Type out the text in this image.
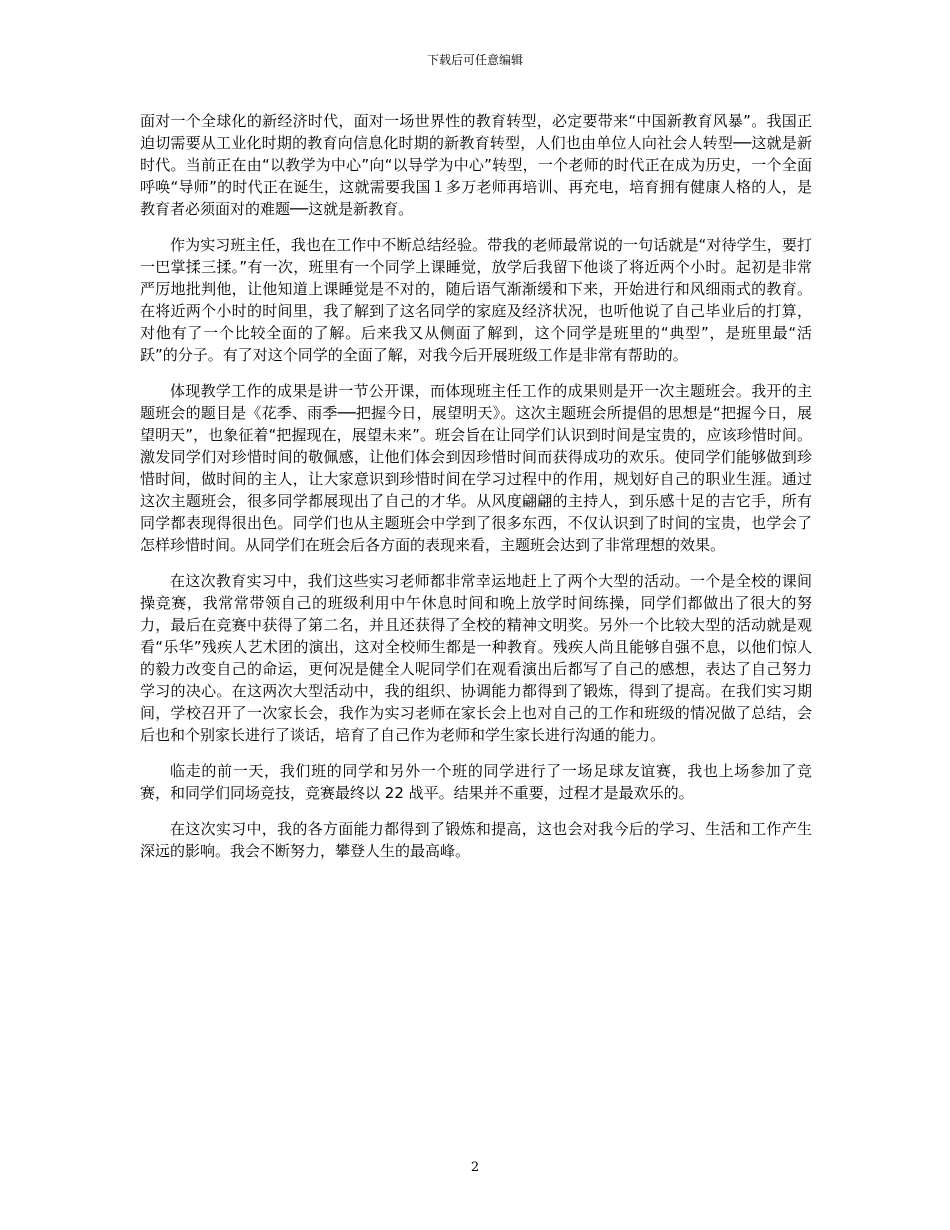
下载后可任意编辑

面对一个全球化的新经济时代，面对一场世界性的教育转型，必定要带来“中国新教育风暴”。我国正迫切需要从工业化时期的教育向信息化时期的新教育转型，人们也由单位人向社会人转型──这就是新时代。当前正在由“以教学为中心”向“以导学为中心”转型，一个老师的时代正在成为历史，一个全面呼唤“导师”的时代正在诞生，这就需要我国１多万老师再培训、再充电，培育拥有健康人格的人，是教育者必须面对的难题──这就是新教育。

作为实习班主任，我也在工作中不断总结经验。带我的老师最常说的一句话就是“对待学生，要打一巴掌揉三揉。”有一次，班里有一个同学上课睡觉，放学后我留下他谈了将近两个小时。起初是非常严厉地批判他，让他知道上课睡觉是不对的，随后语气渐渐缓和下来，开始进行和风细雨式的教育。在将近两个小时的时间里，我了解到了这名同学的家庭及经济状况，也听他说了自己毕业后的打算，对他有了一个比较全面的了解。后来我又从侧面了解到，这个同学是班里的“典型”，是班里最“活跃”的分子。有了对这个同学的全面了解，对我今后开展班级工作是非常有帮助的。

体现教学工作的成果是讲一节公开课，而体现班主任工作的成果则是开一次主题班会。我开的主题班会的题目是《花季、雨季──把握今日，展望明天》。这次主题班会所提倡的思想是“把握今日，展望明天”，也象征着“把握现在，展望未来”。班会旨在让同学们认识到时间是宝贵的，应该珍惜时间。激发同学们对珍惜时间的敬佩感，让他们体会到因珍惜时间而获得成功的欢乐。使同学们能够做到珍惜时间，做时间的主人，让大家意识到珍惜时间在学习过程中的作用，规划好自己的职业生涯。通过这次主题班会，很多同学都展现出了自己的才华。从风度翩翩的主持人，到乐感十足的吉它手，所有同学都表现得很出色。同学们也从主题班会中学到了很多东西，不仅认识到了时间的宝贵，也学会了怎样珍惜时间。从同学们在班会后各方面的表现来看，主题班会达到了非常理想的效果。

在这次教育实习中，我们这些实习老师都非常幸运地赶上了两个大型的活动。一个是全校的课间操竞赛，我常常带领自己的班级利用中午休息时间和晚上放学时间练操，同学们都做出了很大的努力，最后在竞赛中获得了第二名，并且还获得了全校的精神文明奖。另外一个比较大型的活动就是观看“乐华”残疾人艺术团的演出，这对全校师生都是一种教育。残疾人尚且能够自强不息，以他们惊人的毅力改变自己的命运，更何况是健全人呢同学们在观看演出后都写了自己的感想，表达了自己努力学习的决心。在这两次大型活动中，我的组织、协调能力都得到了锻炼，得到了提高。在我们实习期间，学校召开了一次家长会，我作为实习老师在家长会上也对自己的工作和班级的情况做了总结，会后也和个别家长进行了谈话，培育了自己作为老师和学生家长进行沟通的能力。

临走的前一天，我们班的同学和另外一个班的同学进行了一场足球友谊赛，我也上场参加了竞赛，和同学们同场竞技，竞赛最终以 22 战平。结果并不重要，过程才是最欢乐的。

在这次实习中，我的各方面能力都得到了锻炼和提高，这也会对我今后的学习、生活和工作产生深远的影响。我会不断努力，攀登人生的最高峰。

2
